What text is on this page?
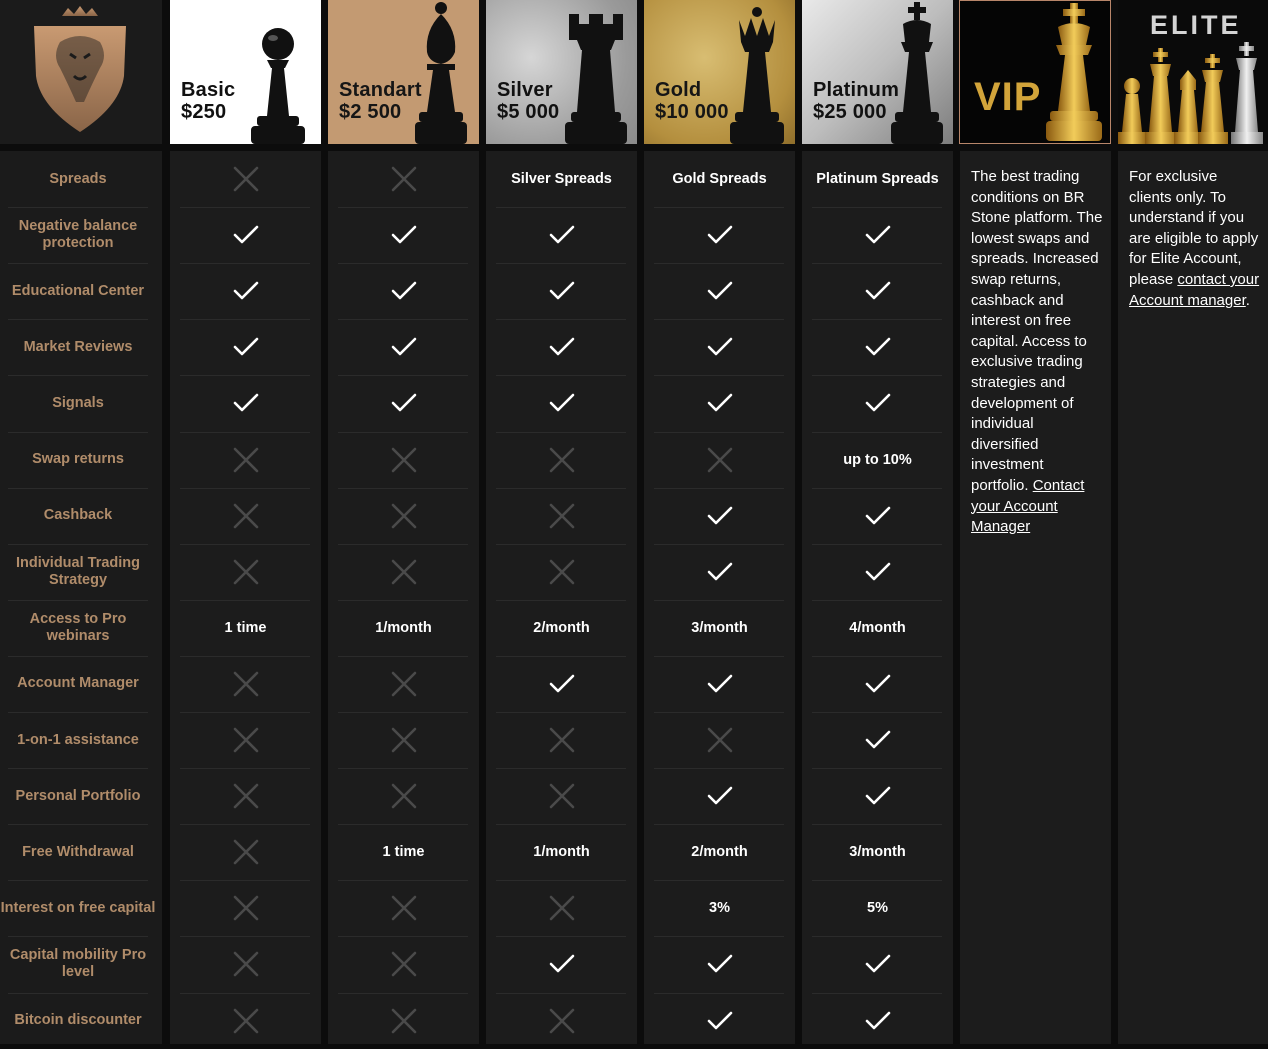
Basic
$250
Standart
$2 500
Silver
$5 000
Gold
$10 000
Platinum
$25 000 VIP
ELITE
Spreads
Negative balance protection
Educational Center
Market Reviews
Signals
Swap returns
Cashback
Individual Trading Strategy
Access to Pro webinars
Account Manager
1-on-1 assistance
Personal Portfolio
Free Withdrawal
Interest on free capital
Capital mobility Pro level
Bitcoin discounter
1 time	1/month
1 time
Silver Spreads
2/month
1/month
Gold Spreads
3/month
2/month
3%
Platinum Spreads
up to 10%
4/month
3/month
5%
The best trading conditions on BR Stone platform. The lowest swaps and spreads. Increased swap returns, cashback and interest on free capital. Access to exclusive trading strategies and development of individual diversified investment portfolio. Contact your Account Manager
For exclusive clients only. To understand if you are eligible to apply for Elite Account, please contact your Account manager.
